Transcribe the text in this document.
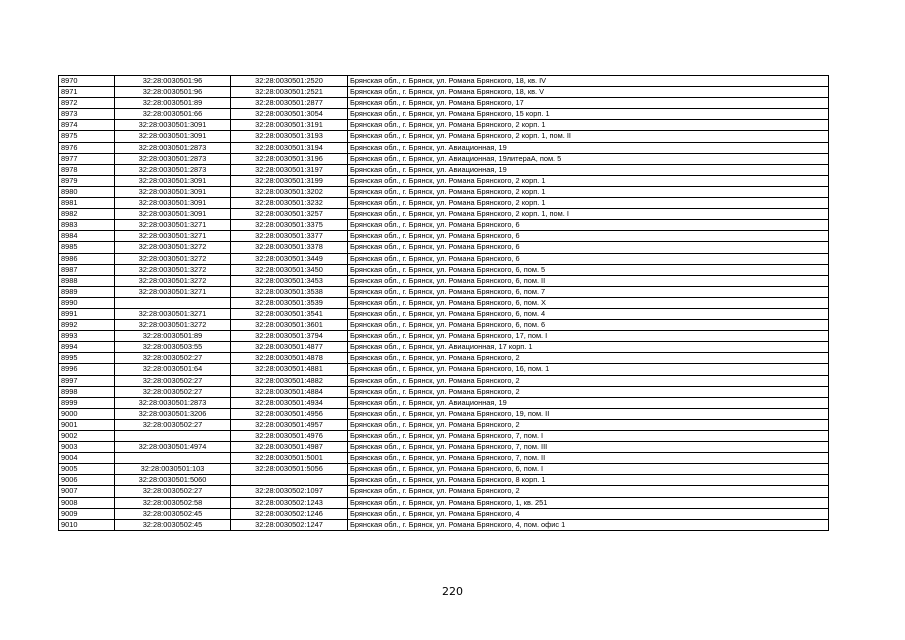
8970	32:28:0030501:96	32:28:0030501:2520	Брянская обл., г. Брянск, ул. Романа Брянского, 18, кв. IV
8971	32:28:0030501:96	32:28:0030501:2521	Брянская обл., г. Брянск, ул. Романа Брянского, 18, кв. V
8972	32:28:0030501:89	32:28:0030501:2877	Брянская обл., г. Брянск, ул. Романа Брянского, 17
8973	32:28:0030501:66	32:28:0030501:3054	Брянская обл., г. Брянск, ул. Романа Брянского, 15 корп. 1
8974	32:28:0030501:3091	32:28:0030501:3191	Брянская обл., г. Брянск, ул. Романа Брянского, 2 корп. 1
8975	32:28:0030501:3091	32:28:0030501:3193	Брянская обл., г. Брянск, ул. Романа Брянского, 2 корп. 1, пом. II
8976	32:28:0030501:2873	32:28:0030501:3194	Брянская обл., г. Брянск, ул. Авиационная, 19
8977	32:28:0030501:2873	32:28:0030501:3196	Брянская обл., г. Брянск, ул. Авиационная, 19литераА, пом. 5
8978	32:28:0030501:2873	32:28:0030501:3197	Брянская обл., г. Брянск, ул. Авиационная, 19
8979	32:28:0030501:3091	32:28:0030501:3199	Брянская обл., г. Брянск, ул. Романа Брянского, 2 корп. 1
8980	32:28:0030501:3091	32:28:0030501:3202	Брянская обл., г. Брянск, ул. Романа Брянского, 2 корп. 1
8981	32:28:0030501:3091	32:28:0030501:3232	Брянская обл., г. Брянск, ул. Романа Брянского, 2 корп. 1
8982	32:28:0030501:3091	32:28:0030501:3257	Брянская обл., г. Брянск, ул. Романа Брянского, 2 корп. 1, пом. I
8983	32:28:0030501:3271	32:28:0030501:3375	Брянская обл., г. Брянск, ул. Романа Брянского, 6
8984	32:28:0030501:3271	32:28:0030501:3377	Брянская обл., г. Брянск, ул. Романа Брянского, 6
8985	32:28:0030501:3272	32:28:0030501:3378	Брянская обл., г. Брянск, ул. Романа Брянского, 6
8986	32:28:0030501:3272	32:28:0030501:3449	Брянская обл., г. Брянск, ул. Романа Брянского, 6
8987	32:28:0030501:3272	32:28:0030501:3450	Брянская обл., г. Брянск, ул. Романа Брянского, 6, пом. 5
8988	32:28:0030501:3272	32:28:0030501:3453	Брянская обл., г. Брянск, ул. Романа Брянского, 6, пом. II
8989	32:28:0030501:3271	32:28:0030501:3538	Брянская обл., г. Брянск, ул. Романа Брянского, 6, пом. 7
8990		32:28:0030501:3539	Брянская обл., г. Брянск, ул. Романа Брянского, 6, пом. X
8991	32:28:0030501:3271	32:28:0030501:3541	Брянская обл., г. Брянск, ул. Романа Брянского, 6, пом. 4
8992	32:28:0030501:3272	32:28:0030501:3601	Брянская обл., г. Брянск, ул. Романа Брянского, 6, пом. 6
8993	32:28:0030501:89	32:28:0030501:3794	Брянская обл., г. Брянск, ул. Романа Брянского, 17, пом. I
8994	32:28:0030503:55	32:28:0030501:4877	Брянская обл., г. Брянск, ул. Авиационная, 17 корп. 1
8995	32:28:0030502:27	32:28:0030501:4878	Брянская обл., г. Брянск, ул. Романа Брянского, 2
8996	32:28:0030501:64	32:28:0030501:4881	Брянская обл., г. Брянск, ул. Романа Брянского, 16, пом. 1
8997	32:28:0030502:27	32:28:0030501:4882	Брянская обл., г. Брянск, ул. Романа Брянского, 2
8998	32:28:0030502:27	32:28:0030501:4884	Брянская обл., г. Брянск, ул. Романа Брянского, 2
8999	32:28:0030501:2873	32:28:0030501:4934	Брянская обл., г. Брянск, ул. Авиационная, 19
9000	32:28:0030501:3206	32:28:0030501:4956	Брянская обл., г. Брянск, ул. Романа Брянского, 19, пом. II
9001	32:28:0030502:27	32:28:0030501:4957	Брянская обл., г. Брянск, ул. Романа Брянского, 2
9002		32:28:0030501:4976	Брянская обл., г. Брянск, ул. Романа Брянского, 7, пом. I
9003	32:28:0030501:4974	32:28:0030501:4987	Брянская обл., г. Брянск, ул. Романа Брянского, 7, пом. III
9004		32:28:0030501:5001	Брянская обл., г. Брянск, ул. Романа Брянского, 7, пом. II
9005	32:28:0030501:103	32:28:0030501:5056	Брянская обл., г. Брянск, ул. Романа Брянского, 6, пом. I
9006	32:28:0030501:5060		Брянская обл., г. Брянск, ул. Романа Брянского, 8 корп. 1
9007	32:28:0030502:27	32:28:0030502:1097	Брянская обл., г. Брянск, ул. Романа Брянского, 2
9008	32:28:0030502:58	32:28:0030502:1243	Брянская обл., г. Брянск, ул. Романа Брянского, 1, кв. 251
9009	32:28:0030502:45	32:28:0030502:1246	Брянская обл., г. Брянск, ул. Романа Брянского, 4
9010	32:28:0030502:45	32:28:0030502:1247	Брянская обл., г. Брянск, ул. Романа Брянского, 4, пом. офис 1
220
